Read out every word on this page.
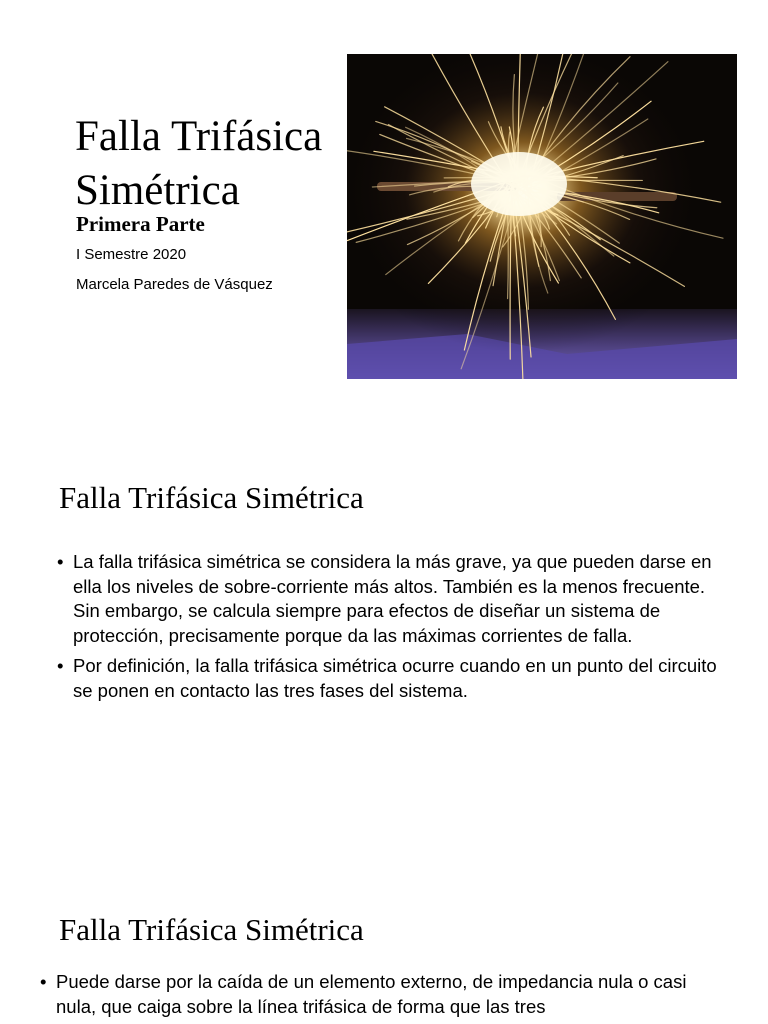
Falla Trifásica
Simétrica

Primera Parte

I Semestre 2020

Marcela Paredes de Vásquez

Falla Trifásica Simétrica
• La falla trifásica simétrica se considera la más grave, ya que pueden darse en ella los niveles de sobre-corriente más altos. También es la menos frecuente. Sin embargo, se calcula siempre para efectos de diseñar un sistema de protección, precisamente porque da las máximas corrientes de falla.
• Por definición, la falla trifásica simétrica ocurre cuando en un punto del circuito se ponen en contacto las tres fases del sistema.
Falla Trifásica Simétrica
• Puede darse por la caída de un elemento externo, de impedancia nula o casi nula, que caiga sobre la línea trifásica de forma que las tres
